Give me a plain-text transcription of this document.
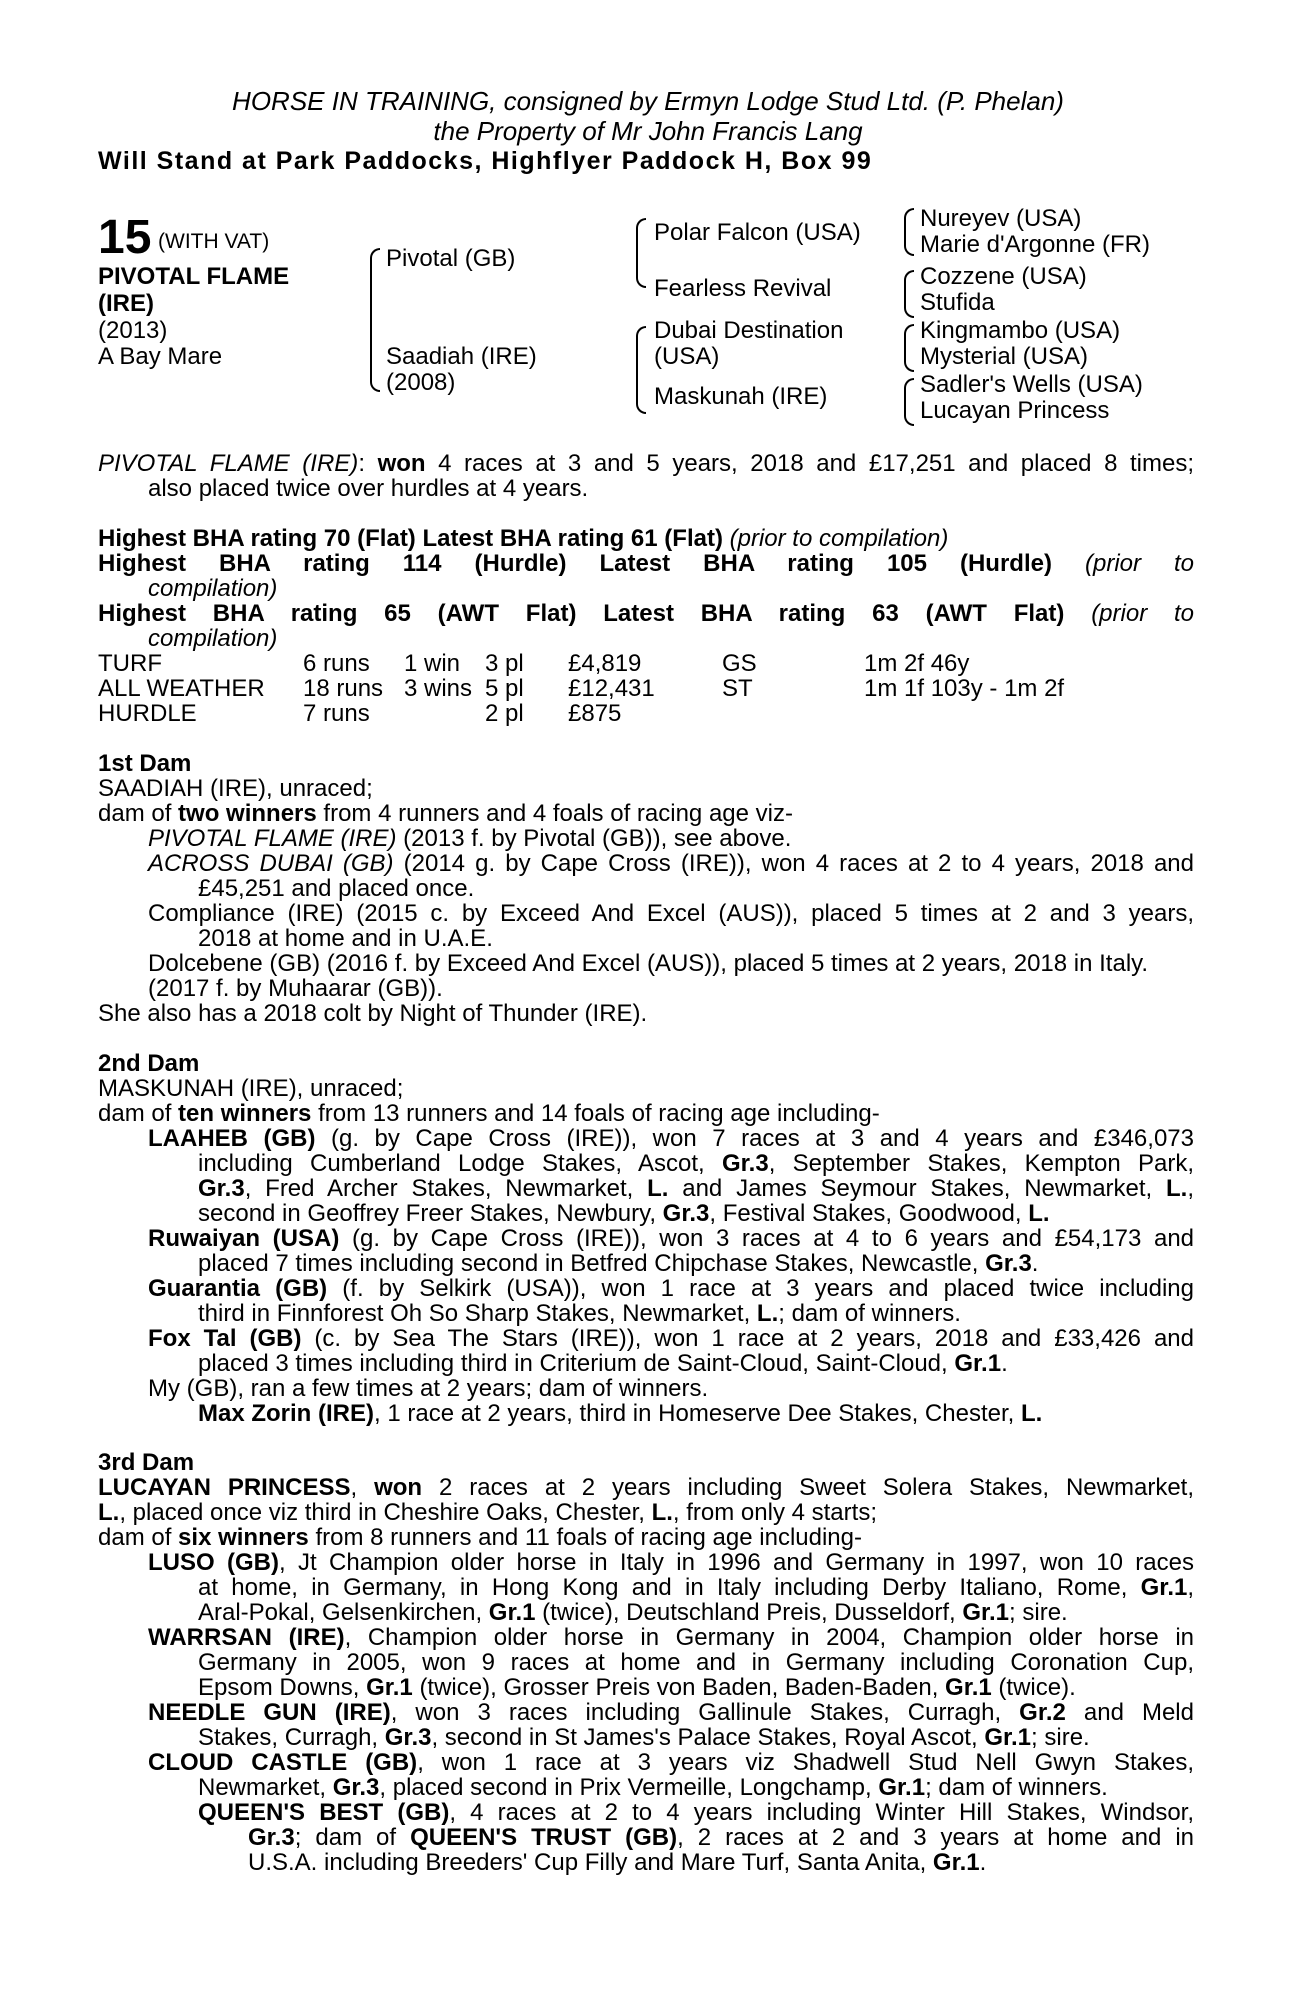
HORSE IN TRAINING, consigned by Ermyn Lodge Stud Ltd. (P. Phelan)
the Property of Mr John Francis Lang
Will Stand at Park Paddocks, Highflyer Paddock H, Box 99
15 (WITH VAT)
PIVOTAL FLAME
(IRE)
(2013)
A Bay Mare
Pivotal (GB)
Saadiah (IRE)
(2008)
Polar Falcon (USA)
Fearless Revival
Dubai Destination
(USA)
Maskunah (IRE)
Nureyev (USA)
Marie d'Argonne (FR)
Cozzene (USA)
Stufida
Kingmambo (USA)
Mysterial (USA)
Sadler's Wells (USA)
Lucayan Princess
PIVOTAL FLAME (IRE): won 4 races at 3 and 5 years, 2018 and £17,251 and placed 8 times;
also placed twice over hurdles at 4 years.
Highest BHA rating 70 (Flat) Latest BHA rating 61 (Flat) (prior to compilation)
Highest BHA rating 114 (Hurdle) Latest BHA rating 105 (Hurdle) (prior to
compilation)
Highest BHA rating 65 (AWT Flat) Latest BHA rating 63 (AWT Flat) (prior to
compilation)
TURF	6 runs 1 win 3 pl £4,819	GS	1m 2f 46y
ALL WEATHER 18 runs 3 wins 5 pl £12,431	ST	1m 1f 103y - 1m 2f
HURDLE	7 runs	2 pl £875
1st Dam
SAADIAH (IRE), unraced;
dam of two winners from 4 runners and 4 foals of racing age viz-
PIVOTAL FLAME (IRE) (2013 f. by Pivotal (GB)), see above.
ACROSS DUBAI (GB) (2014 g. by Cape Cross (IRE)), won 4 races at 2 to 4 years, 2018 and
£45,251 and placed once.
Compliance (IRE) (2015 c. by Exceed And Excel (AUS)), placed 5 times at 2 and 3 years,
2018 at home and in U.A.E.
Dolcebene (GB) (2016 f. by Exceed And Excel (AUS)), placed 5 times at 2 years, 2018 in Italy.
(2017 f. by Muhaarar (GB)).
She also has a 2018 colt by Night of Thunder (IRE).
2nd Dam
MASKUNAH (IRE), unraced;
dam of ten winners from 13 runners and 14 foals of racing age including-
LAAHEB (GB) (g. by Cape Cross (IRE)), won 7 races at 3 and 4 years and £346,073
including Cumberland Lodge Stakes, Ascot, Gr.3, September Stakes, Kempton Park,
Gr.3, Fred Archer Stakes, Newmarket, L. and James Seymour Stakes, Newmarket, L.,
second in Geoffrey Freer Stakes, Newbury, Gr.3, Festival Stakes, Goodwood, L.
Ruwaiyan (USA) (g. by Cape Cross (IRE)), won 3 races at 4 to 6 years and £54,173 and
placed 7 times including second in Betfred Chipchase Stakes, Newcastle, Gr.3.
Guarantia (GB) (f. by Selkirk (USA)), won 1 race at 3 years and placed twice including
third in Finnforest Oh So Sharp Stakes, Newmarket, L.; dam of winners.
Fox Tal (GB) (c. by Sea The Stars (IRE)), won 1 race at 2 years, 2018 and £33,426 and
placed 3 times including third in Criterium de Saint-Cloud, Saint-Cloud, Gr.1.
My (GB), ran a few times at 2 years; dam of winners.
Max Zorin (IRE), 1 race at 2 years, third in Homeserve Dee Stakes, Chester, L.
3rd Dam
LUCAYAN PRINCESS, won 2 races at 2 years including Sweet Solera Stakes, Newmarket,
L., placed once viz third in Cheshire Oaks, Chester, L., from only 4 starts;
dam of six winners from 8 runners and 11 foals of racing age including-
LUSO (GB), Jt Champion older horse in Italy in 1996 and Germany in 1997, won 10 races
at home, in Germany, in Hong Kong and in Italy including Derby Italiano, Rome, Gr.1,
Aral-Pokal, Gelsenkirchen, Gr.1 (twice), Deutschland Preis, Dusseldorf, Gr.1; sire.
WARRSAN (IRE), Champion older horse in Germany in 2004, Champion older horse in
Germany in 2005, won 9 races at home and in Germany including Coronation Cup,
Epsom Downs, Gr.1 (twice), Grosser Preis von Baden, Baden-Baden, Gr.1 (twice).
NEEDLE GUN (IRE), won 3 races including Gallinule Stakes, Curragh, Gr.2 and Meld
Stakes, Curragh, Gr.3, second in St James's Palace Stakes, Royal Ascot, Gr.1; sire.
CLOUD CASTLE (GB), won 1 race at 3 years viz Shadwell Stud Nell Gwyn Stakes,
Newmarket, Gr.3, placed second in Prix Vermeille, Longchamp, Gr.1; dam of winners.
QUEEN'S BEST (GB), 4 races at 2 to 4 years including Winter Hill Stakes, Windsor,
Gr.3; dam of QUEEN'S TRUST (GB), 2 races at 2 and 3 years at home and in
U.S.A. including Breeders' Cup Filly and Mare Turf, Santa Anita, Gr.1.
